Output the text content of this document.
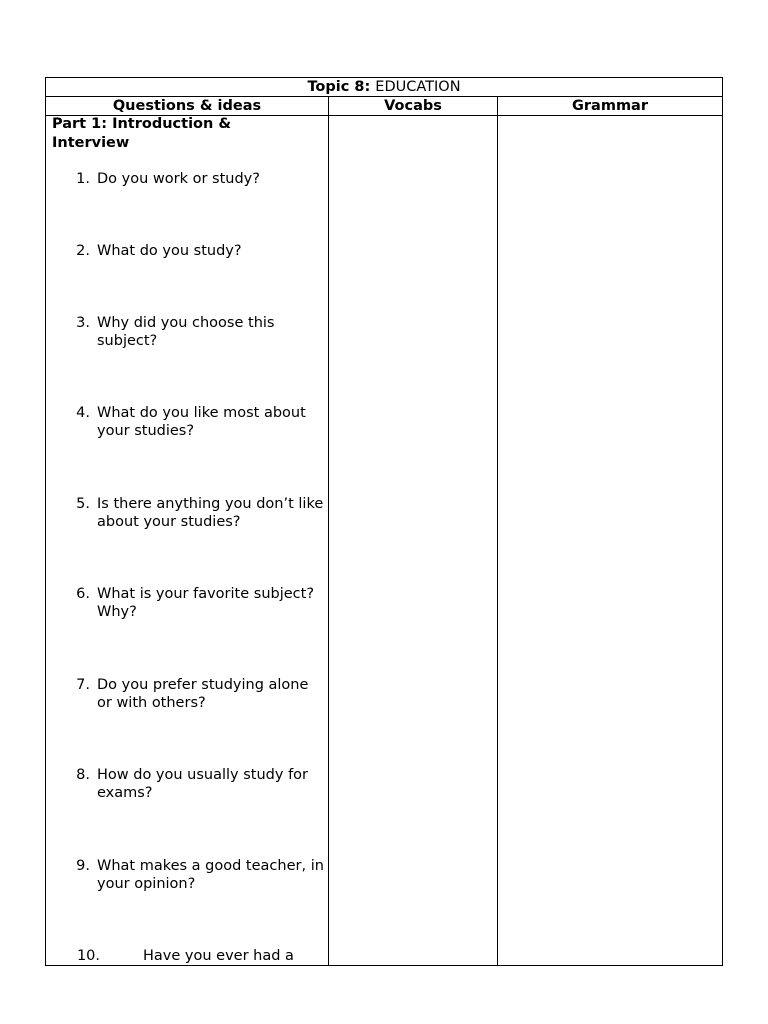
Topic 8: EDUCATION
Questions & ideas	Vocabs	Grammar
Part 1: Introduction & Interview
1. Do you work or study?
2. What do you study?
3. Why did you choose this subject?
4. What do you like most about your studies?
5. Is there anything you don’t like about your studies?
6. What is your favorite subject? Why?
7. Do you prefer studying alone or with others?
8. How do you usually study for exams?
9. What makes a good teacher, in your opinion?
10.	Have you ever had a
